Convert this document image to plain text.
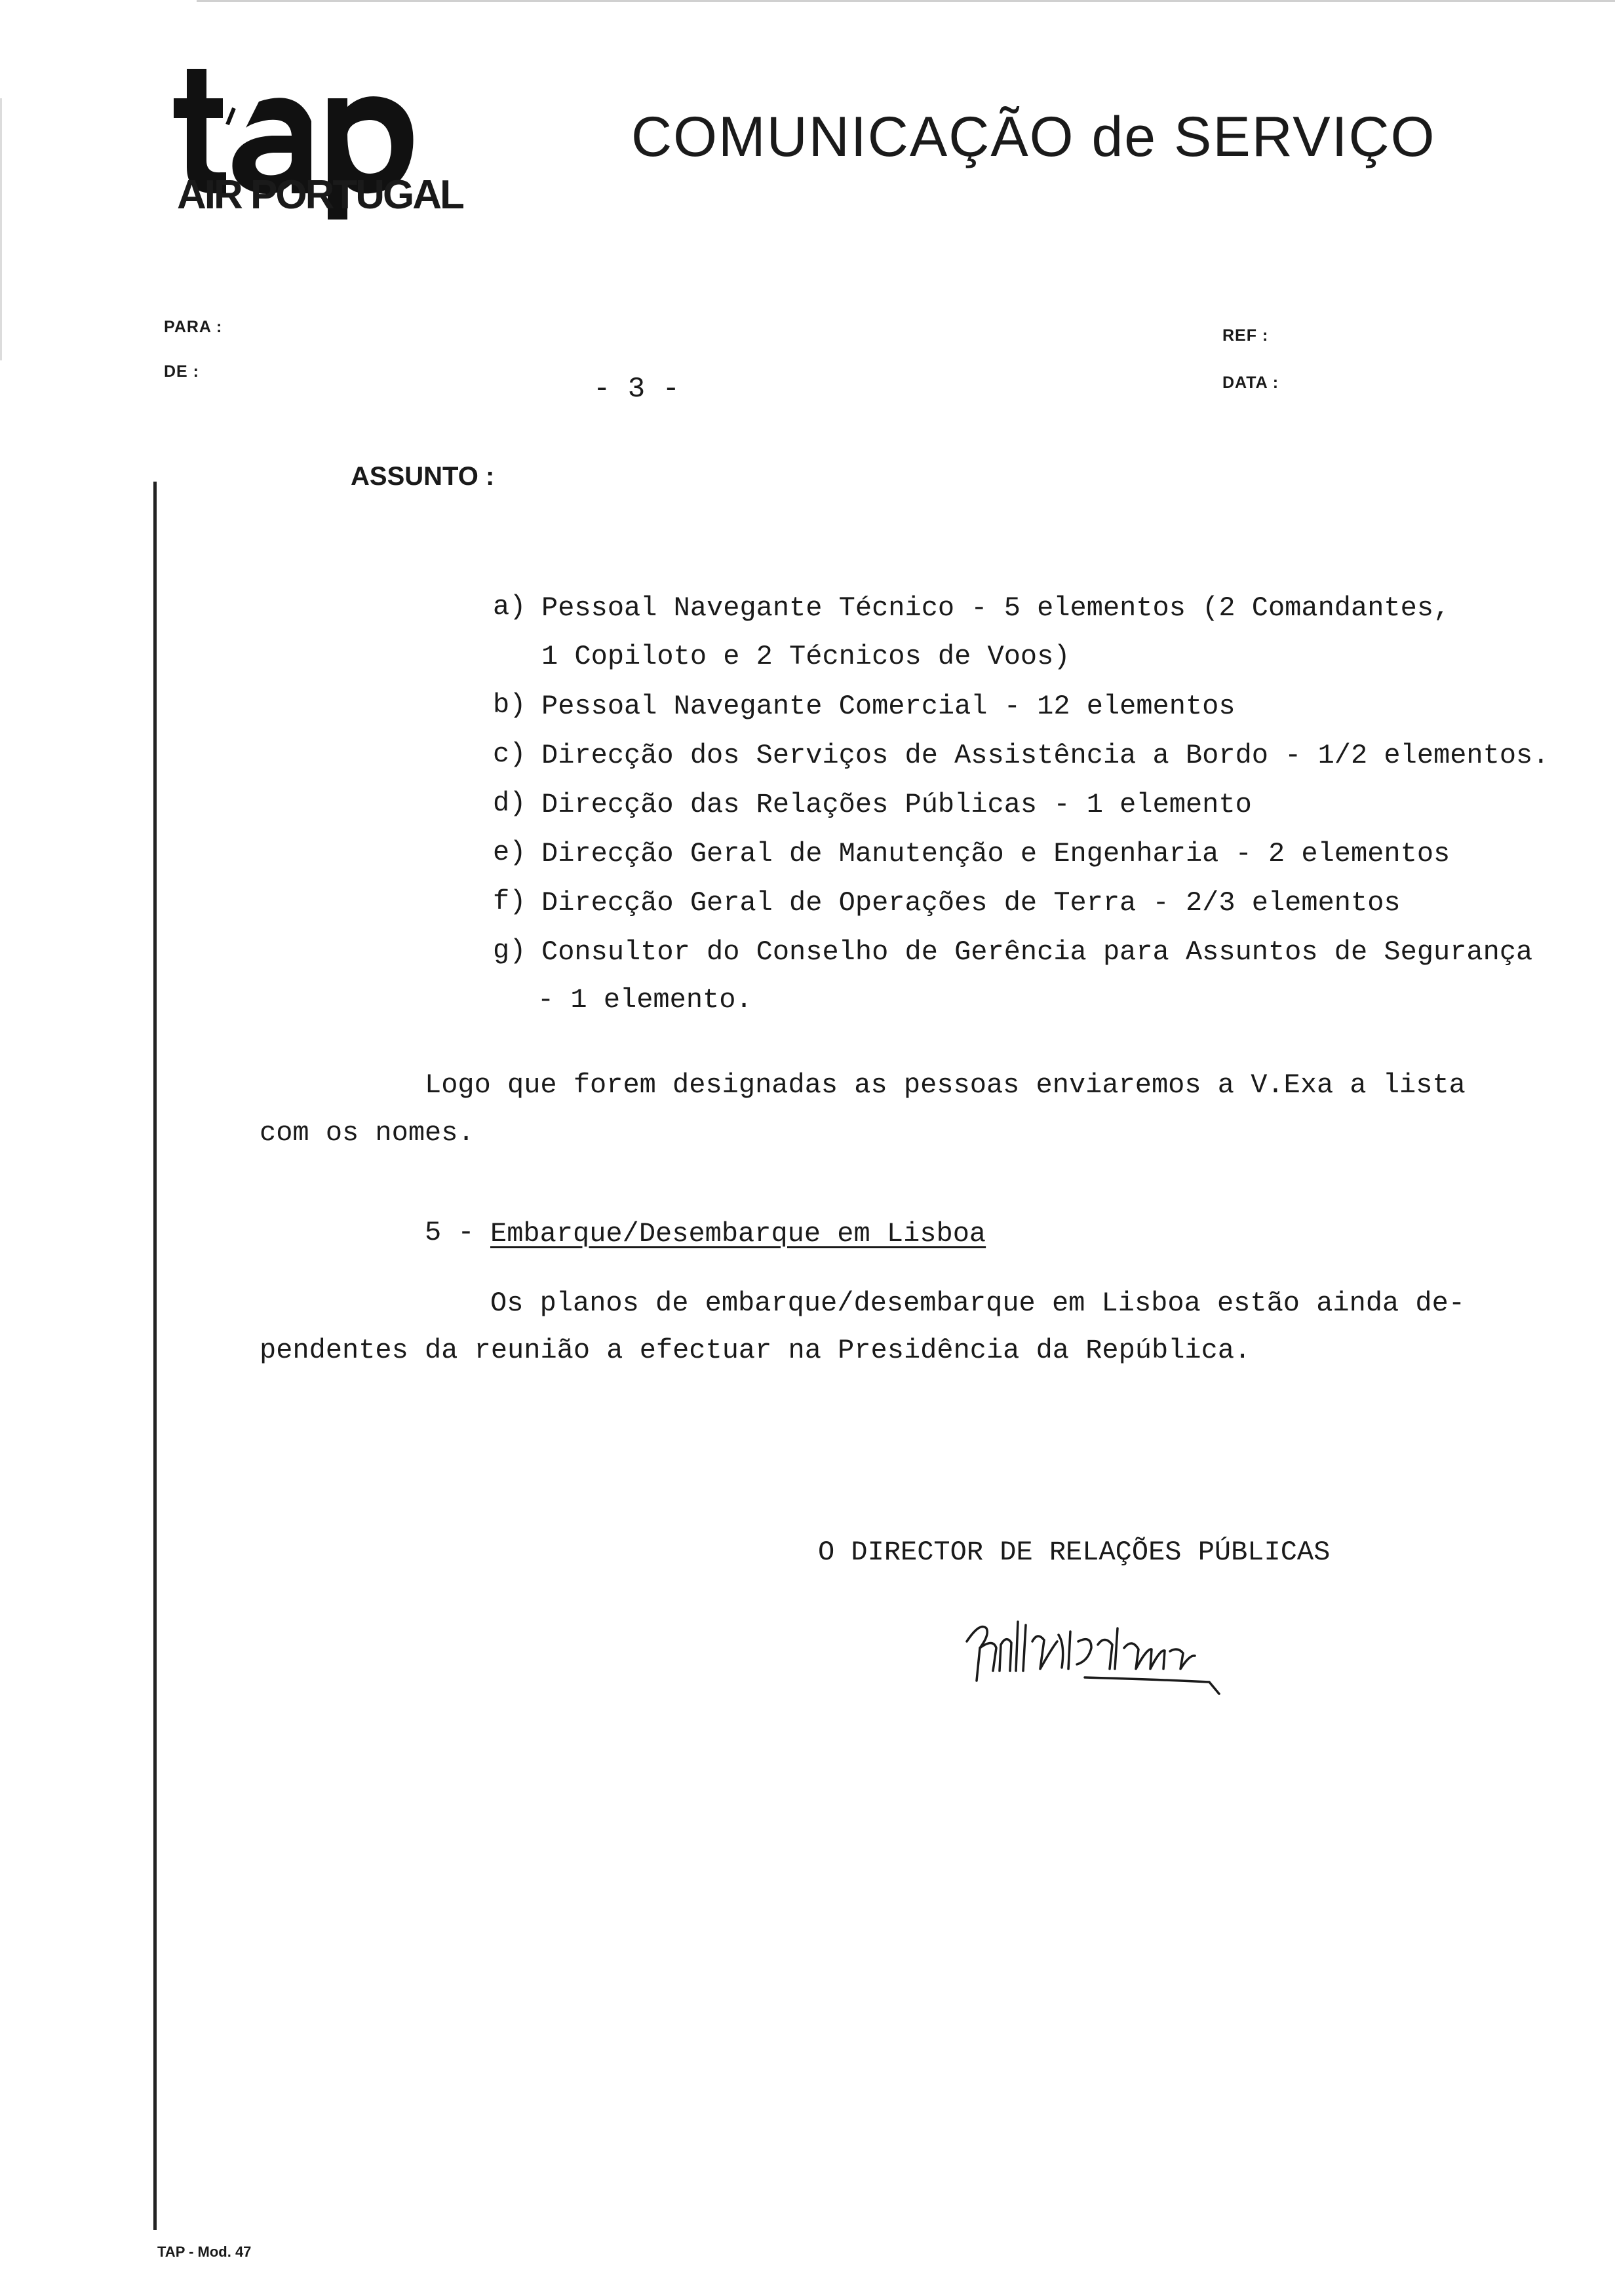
AIR PORTUGAL
COMUNICAÇÃO de SERVIÇO
PARA :
DE :
REF :
DATA :
- 3 -
ASSUNTO :
a) Pessoal Navegante Técnico - 5 elementos (2 Comandantes,
1 Copiloto e 2 Técnicos de Voos)
b) Pessoal Navegante Comercial - 12 elementos
c) Direcção dos Serviços de Assistência a Bordo - 1/2 elementos.
d) Direcção das Relações Públicas - 1 elemento
e) Direcção Geral de Manutenção e Engenharia - 2 elementos
f) Direcção Geral de Operações de Terra - 2/3 elementos
g) Consultor do Conselho de Gerência para Assuntos de Segurança
- 1 elemento.
Logo que forem designadas as pessoas enviaremos a V.Exa a lista
com os nomes.
5 - Embarque/Desembarque em Lisboa
Os planos de embarque/desembarque em Lisboa estão ainda de-
pendentes da reunião a efectuar na Presidência da República.
O DIRECTOR DE RELAÇÕES PÚBLICAS
TAP - Mod. 47
